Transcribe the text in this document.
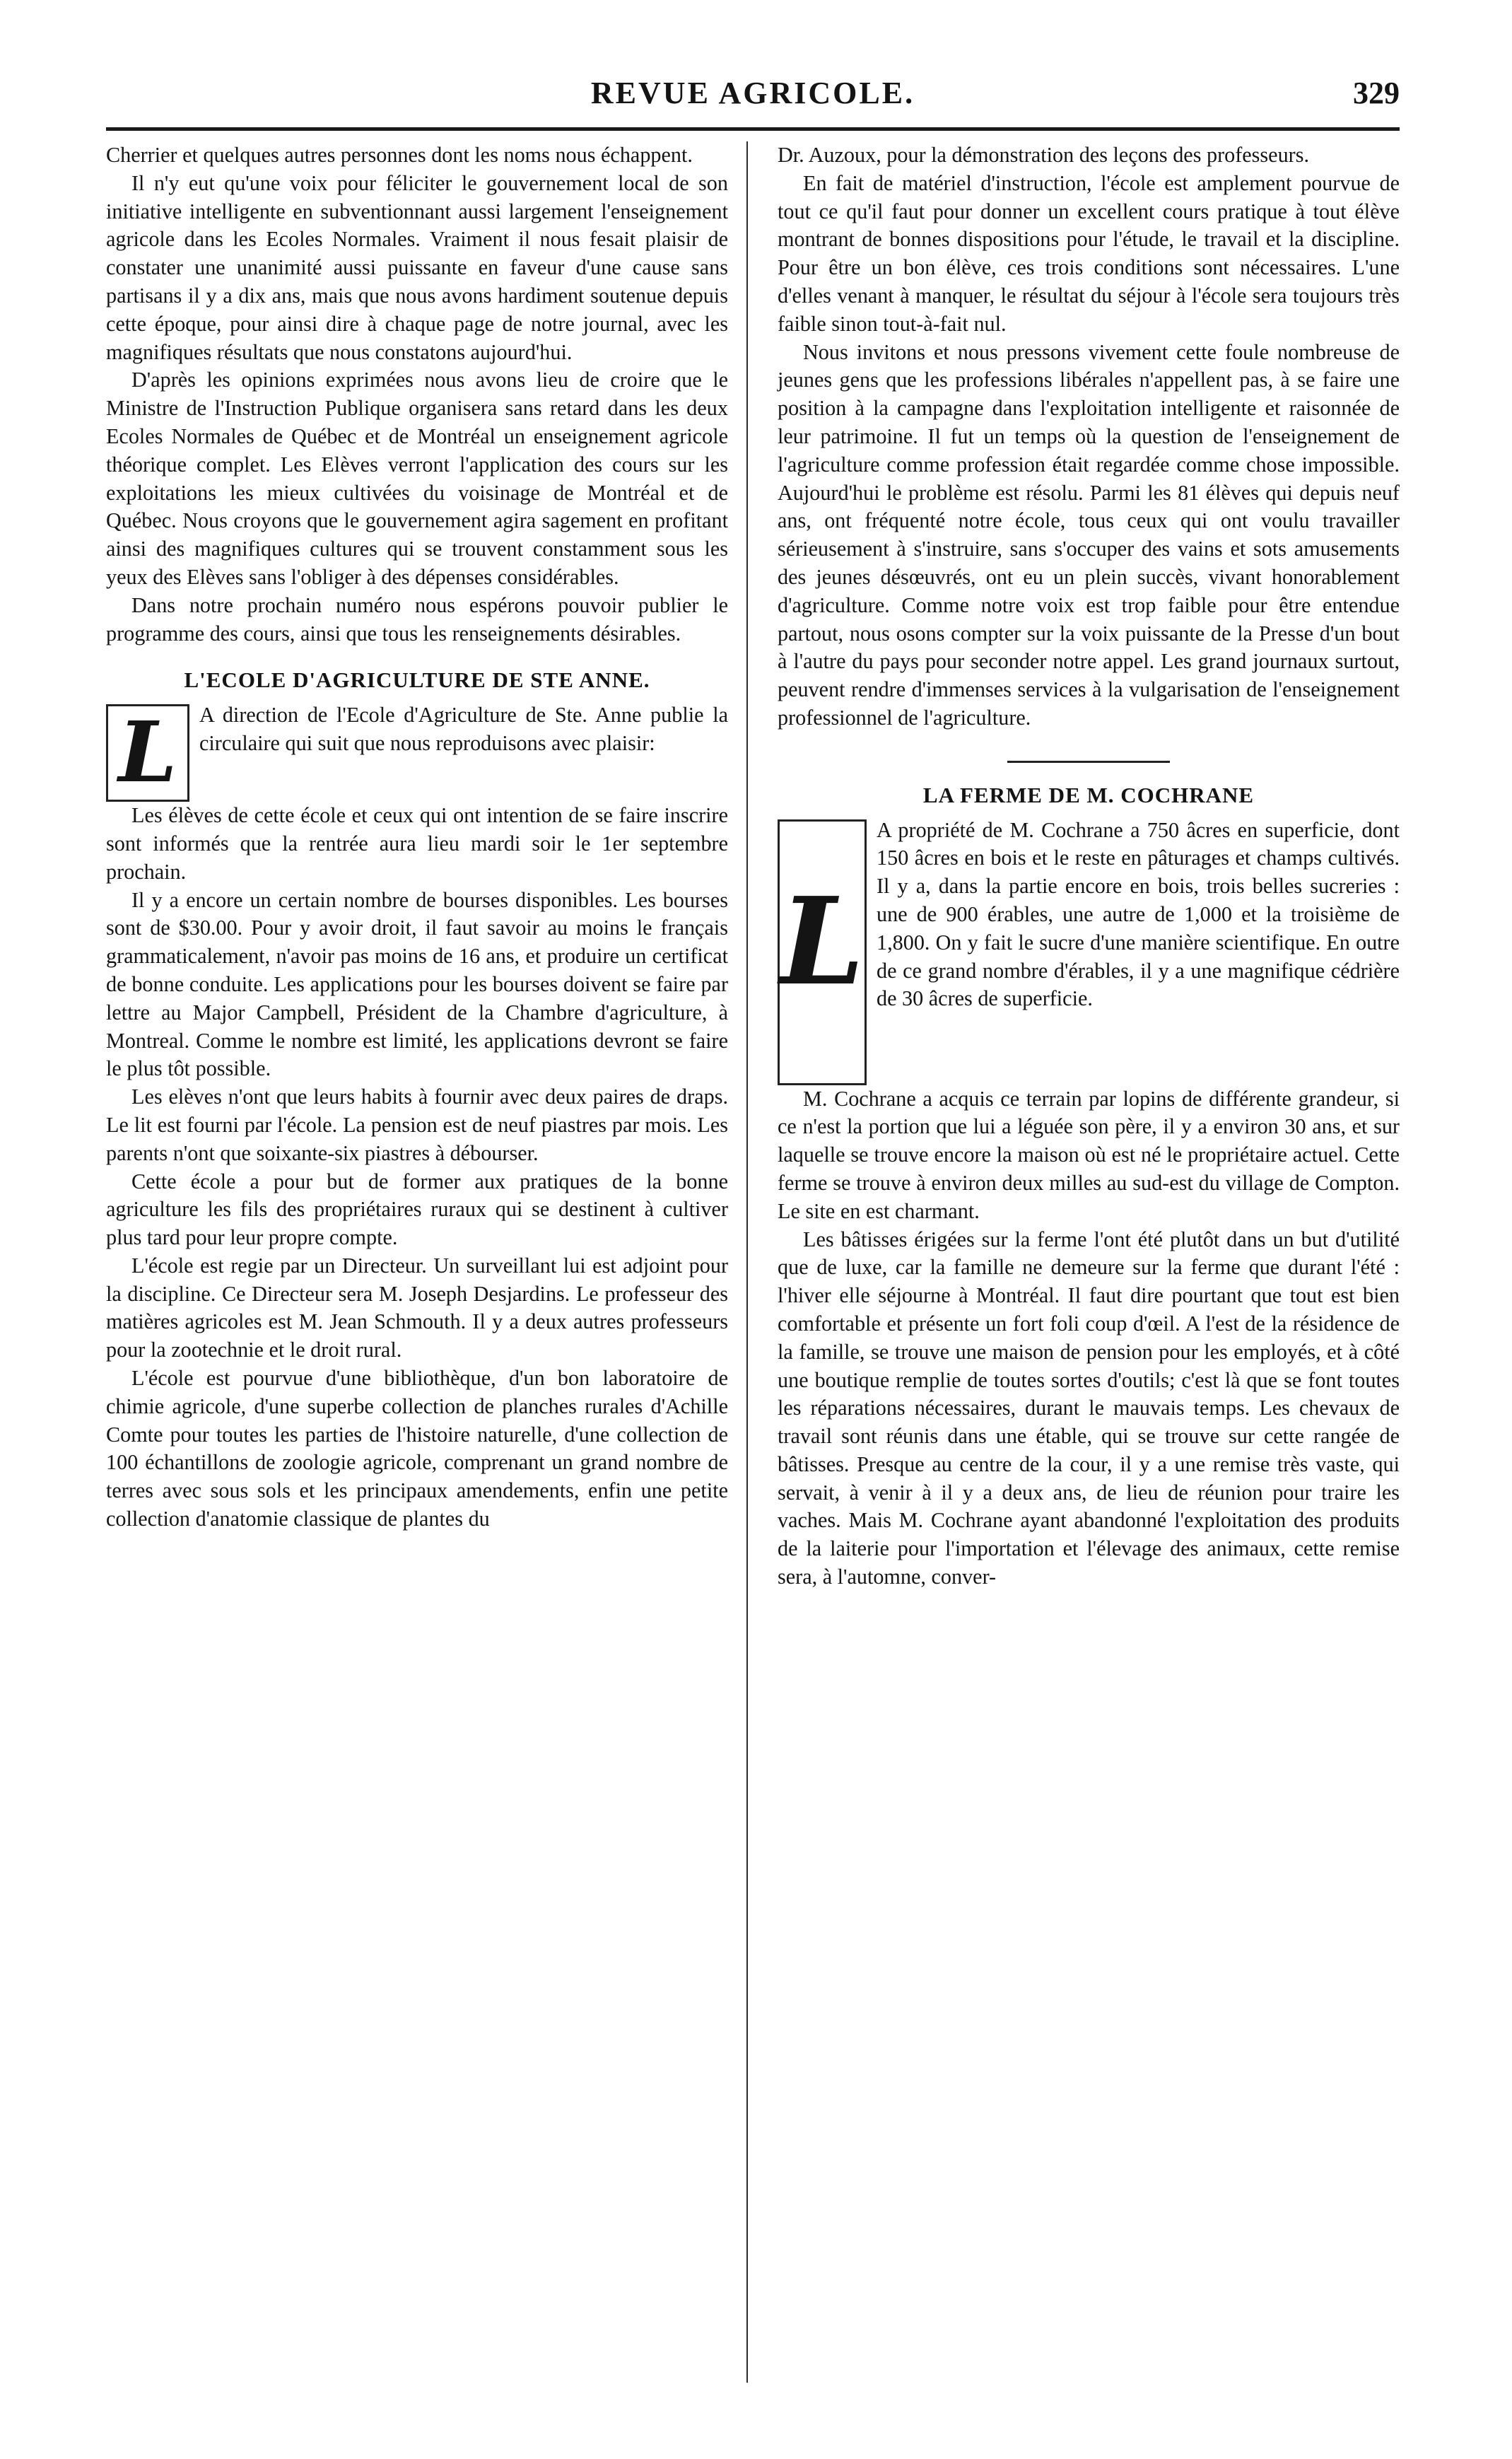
REVUE AGRICOLE.	329

Cherrier et quelques autres personnes dont les noms nous échappent.

Il n'y eut qu'une voix pour féliciter le gouvernement local de son initiative intelligente en subventionnant aussi largement l'enseignement agricole dans les Ecoles Normales. Vraiment il nous fesait plaisir de constater une unanimité aussi puissante en faveur d'une cause sans partisans il y a dix ans, mais que nous avons hardiment soutenue depuis cette époque, pour ainsi dire à chaque page de notre journal, avec les magnifiques résultats que nous constatons aujourd'hui.

D'après les opinions exprimées nous avons lieu de croire que le Ministre de l'Instruction Publique organisera sans retard dans les deux Ecoles Normales de Québec et de Montréal un enseignement agricole théorique complet. Les Elèves verront l'application des cours sur les exploitations les mieux cultivées du voisinage de Montréal et de Québec. Nous croyons que le gouvernement agira sagement en profitant ainsi des magnifiques cultures qui se trouvent constamment sous les yeux des Elèves sans l'obliger à des dépenses considérables.

Dans notre prochain numéro nous espérons pouvoir publier le programme des cours, ainsi que tous les renseignements désirables.

L'ECOLE D'AGRICULTURE DE STE ANNE.
L	A direction de l'Ecole d'Agriculture de Ste. Anne publie la circulaire qui suit que nous reproduisons avec plaisir:

Les élèves de cette école et ceux qui ont intention de se faire inscrire sont informés que la rentrée aura lieu mardi soir le 1er septembre prochain.

Il y a encore un certain nombre de bourses disponibles. Les bourses sont de $30.00. Pour y avoir droit, il faut savoir au moins le français grammaticalement, n'avoir pas moins de 16 ans, et produire un certificat de bonne conduite. Les applications pour les bourses doivent se faire par lettre au Major Campbell, Président de la Chambre d'agriculture, à Montreal. Comme le nombre est limité, les applications devront se faire le plus tôt possible.

Les elèves n'ont que leurs habits à fournir avec deux paires de draps. Le lit est fourni par l'école. La pension est de neuf piastres par mois. Les parents n'ont que soixante-six piastres à débourser.

Cette école a pour but de former aux pratiques de la bonne agriculture les fils des propriétaires ruraux qui se destinent à cultiver plus tard pour leur propre compte.

L'école est regie par un Directeur. Un surveillant lui est adjoint pour la discipline. Ce Directeur sera M. Joseph Desjardins. Le professeur des matières agricoles est M. Jean Schmouth. Il y a deux autres professeurs pour la zootechnie et le droit rural.

L'école est pourvue d'une bibliothèque, d'un bon laboratoire de chimie agricole, d'une superbe collection de planches rurales d'Achille Comte pour toutes les parties de l'histoire naturelle, d'une collection de 100 échantillons de zoologie agricole, comprenant un grand nombre de terres avec sous sols et les principaux amendements, enfin une petite collection d'anatomie classique de plantes du

Dr. Auzoux, pour la démonstration des leçons des professeurs.

En fait de matériel d'instruction, l'école est amplement pourvue de tout ce qu'il faut pour donner un excellent cours pratique à tout élève montrant de bonnes dispositions pour l'étude, le travail et la discipline. Pour être un bon élève, ces trois conditions sont nécessaires. L'une d'elles venant à manquer, le résultat du séjour à l'école sera toujours très faible sinon tout-à-fait nul.

Nous invitons et nous pressons vivement cette foule nombreuse de jeunes gens que les professions libérales n'appellent pas, à se faire une position à la campagne dans l'exploitation intelligente et raisonnée de leur patrimoine. Il fut un temps où la question de l'enseignement de l'agriculture comme profession était regardée comme chose impossible. Aujourd'hui le problème est résolu. Parmi les 81 élèves qui depuis neuf ans, ont fréquenté notre école, tous ceux qui ont voulu travailler sérieusement à s'instruire, sans s'occuper des vains et sots amusements des jeunes désœuvrés, ont eu un plein succès, vivant honorablement d'agriculture. Comme notre voix est trop faible pour être entendue partout, nous osons compter sur la voix puissante de la Presse d'un bout à l'autre du pays pour seconder notre appel. Les grand journaux surtout, peuvent rendre d'immenses services à la vulgarisation de l'enseignement professionnel de l'agriculture.

LA FERME DE M. COCHRANE
L

A propriété de M. Cochrane a 750 âcres en superficie, dont 150 âcres en bois et le reste en pâturages et champs cultivés. Il y a, dans la partie encore en bois, trois belles sucreries : une de 900 érables, une autre de 1,000 et la troisième de 1,800. On y fait le sucre d'une manière scientifique. En outre de ce grand nombre d'érables, il y a une magnifique cédrière de 30 âcres de superficie.

M. Cochrane a acquis ce terrain par lopins de différente grandeur, si ce n'est la portion que lui a léguée son père, il y a environ 30 ans, et sur laquelle se trouve encore la maison où est né le propriétaire actuel. Cette ferme se trouve à environ deux milles au sud-est du village de Compton. Le site en est charmant.

Les bâtisses érigées sur la ferme l'ont été plutôt dans un but d'utilité que de luxe, car la famille ne demeure sur la ferme que durant l'été : l'hiver elle séjourne à Montréal. Il faut dire pourtant que tout est bien comfortable et présente un fort foli coup d'œil. A l'est de la résidence de la famille, se trouve une maison de pension pour les employés, et à côté une boutique remplie de toutes sortes d'outils; c'est là que se font toutes les réparations nécessaires, durant le mauvais temps. Les chevaux de travail sont réunis dans une étable, qui se trouve sur cette rangée de bâtisses. Presque au centre de la cour, il y a une remise très vaste, qui servait, à venir à il y a deux ans, de lieu de réunion pour traire les vaches. Mais M. Cochrane ayant abandonné l'exploitation des produits de la laiterie pour l'importation et l'élevage des animaux, cette remise sera, à l'automne, conver-
